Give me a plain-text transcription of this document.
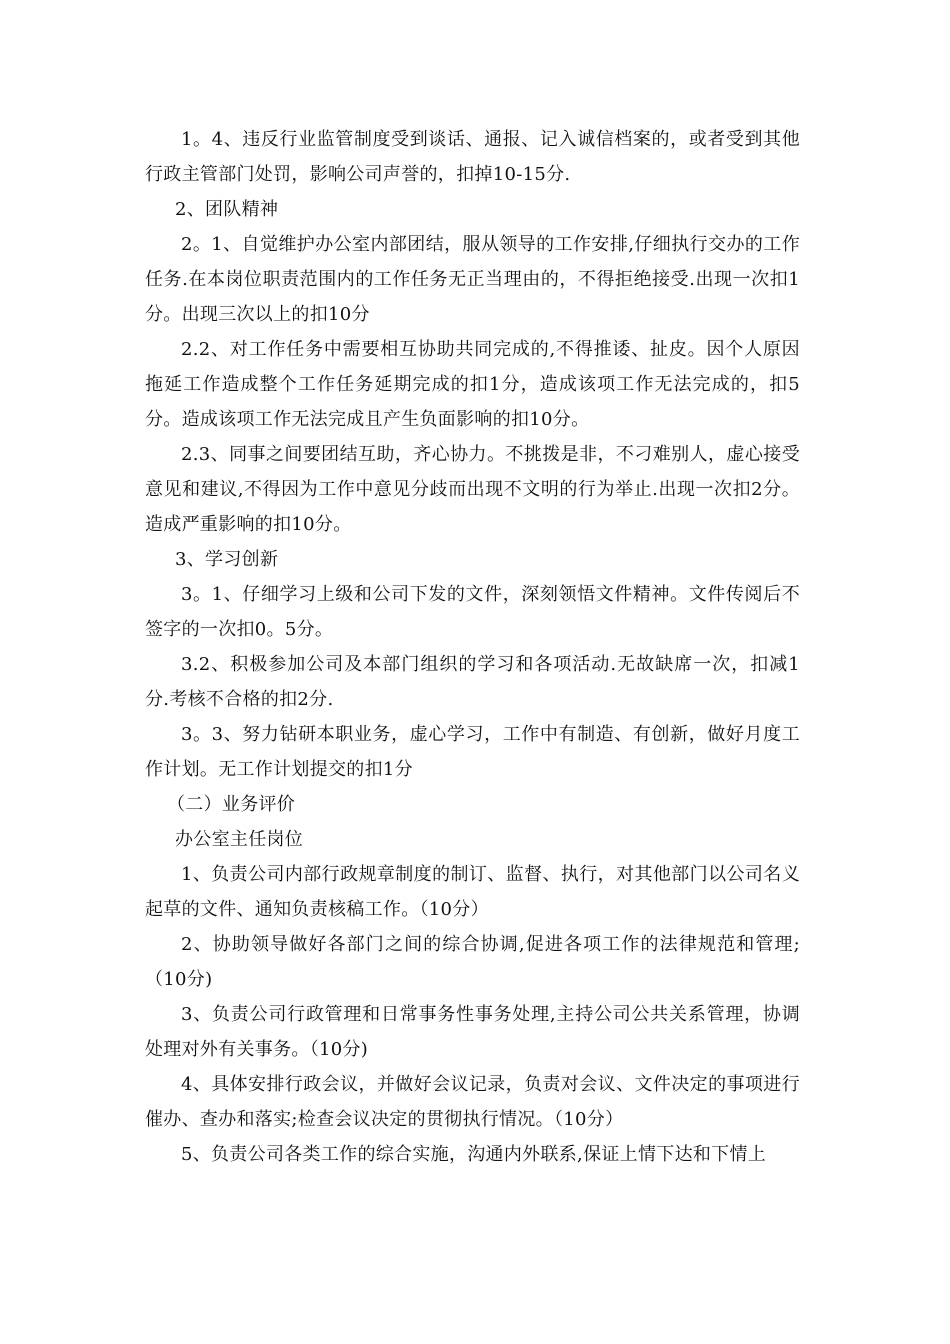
1。4、违反行业监管制度受到谈话、通报、记入诚信档案的，或者受到其他行政主管部门处罚，影响公司声誉的，扣掉10-15分.

2、团队精神

2。1、自觉维护办公室内部团结，服从领导的工作安排,仔细执行交办的工作任务.在本岗位职责范围内的工作任务无正当理由的，不得拒绝接受.出现一次扣1分。出现三次以上的扣10分

2.2、对工作任务中需要相互协助共同完成的,不得推诿、扯皮。因个人原因拖延工作造成整个工作任务延期完成的扣1分，造成该项工作无法完成的，扣5分。造成该项工作无法完成且产生负面影响的扣10分。

2.3、同事之间要团结互助，齐心协力。不挑拨是非，不刁难别人，虚心接受意见和建议,不得因为工作中意见分歧而出现不文明的行为举止.出现一次扣2分。造成严重影响的扣10分。

3、学习创新

3。1、仔细学习上级和公司下发的文件，深刻领悟文件精神。文件传阅后不签字的一次扣0。5分。

3.2、积极参加公司及本部门组织的学习和各项活动.无故缺席一次，扣减1分.考核不合格的扣2分.

3。3、努力钻研本职业务，虚心学习，工作中有制造、有创新，做好月度工作计划。无工作计划提交的扣1分

（二）业务评价

办公室主任岗位

1、负责公司内部行政规章制度的制订、监督、执行，对其他部门以公司名义起草的文件、通知负责核稿工作。（10分）

2、协助领导做好各部门之间的综合协调,促进各项工作的法律规范和管理;（10分)

3、负责公司行政管理和日常事务性事务处理,主持公司公共关系管理，协调处理对外有关事务。（10分)

4、具体安排行政会议，并做好会议记录，负责对会议、文件决定的事项进行催办、查办和落实;检查会议决定的贯彻执行情况。（10分）

5、负责公司各类工作的综合实施，沟通内外联系,保证上情下达和下情上
